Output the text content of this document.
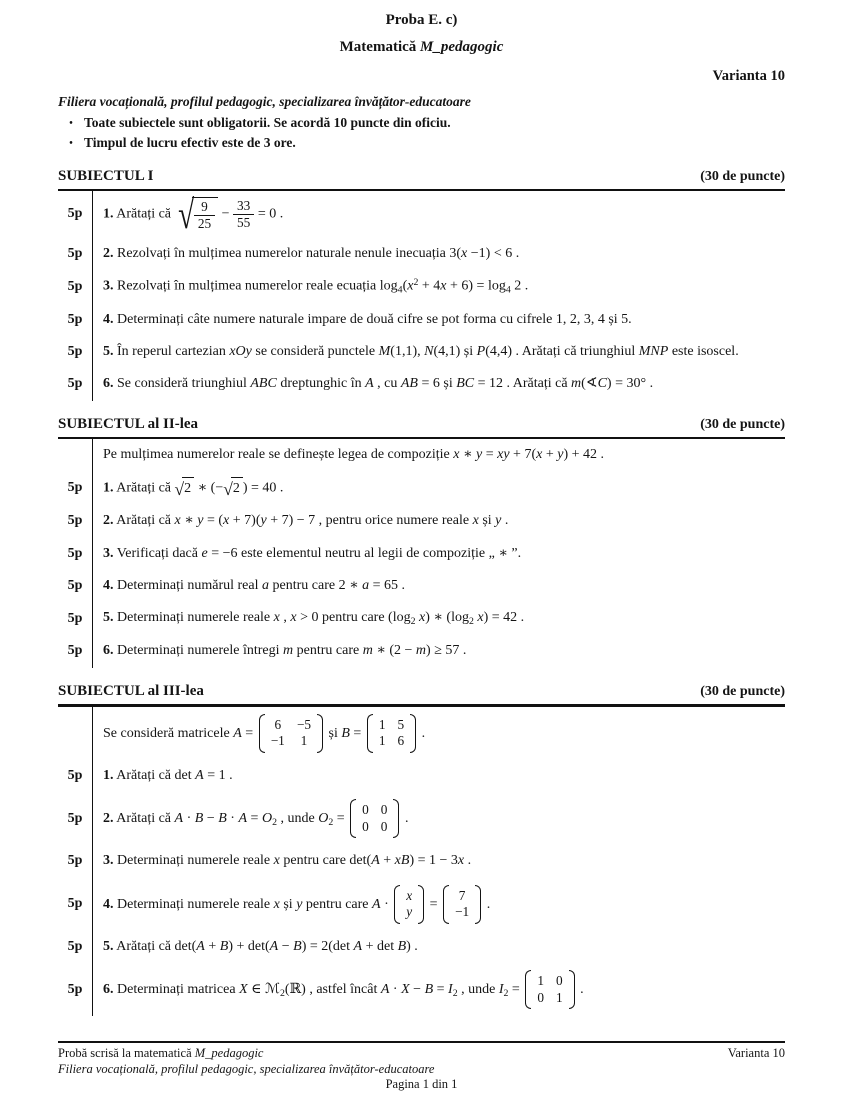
Proba E. c)
Matematică M_pedagogic
Varianta 10
Filiera vocațională, profilul pedagogic, specializarea învățător-educatoare
• Toate subiectele sunt obligatorii. Se acordă 10 puncte din oficiu.
• Timpul de lucru efectiv este de 3 ore.
SUBIECTUL I	(30 de puncte)
5p	1. Arătați că √ $\frac{9}{25} - \frac{33}{55} = 0$ .
5p	2. Rezolvați în mulțimea numerelor naturale nenule inecuația 3(x −1) < 6 .
5p	3. Rezolvați în mulțimea numerelor reale ecuația $\log_4(x^2 + 4x + 6) = \log_4 2$ .
5p	4. Determinați câte numere naturale impare de două cifre se pot forma cu cifrele 1, 2, 3, 4 și 5.
5p	5. În reperul cartezian xOy se consideră punctele M(1,1), N(4,1) și P(4,4) . Arătați că triunghiul MNP este isoscel.
5p	6. Se consideră triunghiul ABC dreptunghic în A , cu AB = 6 și BC = 12 . Arătați că m(∢C) = 30° .
SUBIECTUL al II-lea	(30 de puncte)
Pe mulțimea numerelor reale se definește legea de compoziție x ∗ y = xy + 7(x + y) + 42 .
5p	1. Arătați că √ 2 ∗ (− √ 2 ) = 40 .
5p	2. Arătați că x ∗ y = (x + 7)(y + 7) − 7 , pentru orice numere reale x și y .
5p	3. Verificați dacă e = −6 este elementul neutru al legii de compoziție „ ∗ ”.
5p	4. Determinați numărul real a pentru care 2 ∗ a = 65 .
5p	5. Determinați numerele reale x , x > 0 pentru care ($\log_2$ x) ∗ ($\log_2$ x) = 42 .
5p	6. Determinați numerele întregi m pentru care m ∗ (2 − m) ≥ 57 .
SUBIECTUL al III-lea	(30 de puncte)
Se consideră matricele A =
6 −5
−1 1
și B =
1 5
1 6
.
5p	1. Arătați că det A = 1 .
5p	2. Arătați că $A \cdot B - B \cdot A = O_2$ , unde $O_2$ =
0 0
0 0
.
5p	3. Determinați numerele reale x pentru care det(A + xB) = 1 − 3x .
5p	4. Determinați numerele reale x și y pentru care A ·
x
y
=
7
−1
.
5p	5. Arătați că det(A + B) + det(A − B) = 2(det A + det B) .
5p	6. Determinați matricea X ∈ ℳ$_2$(ℝ) , astfel încât $A \cdot X - B = I_2$ , unde $I_2$ =
1 0
0 1
.
Probă scrisă la matematică M_pedagogic	Varianta 10
Filiera vocațională, profilul pedagogic, specializarea învățător-educatoare
Pagina 1 din 1
